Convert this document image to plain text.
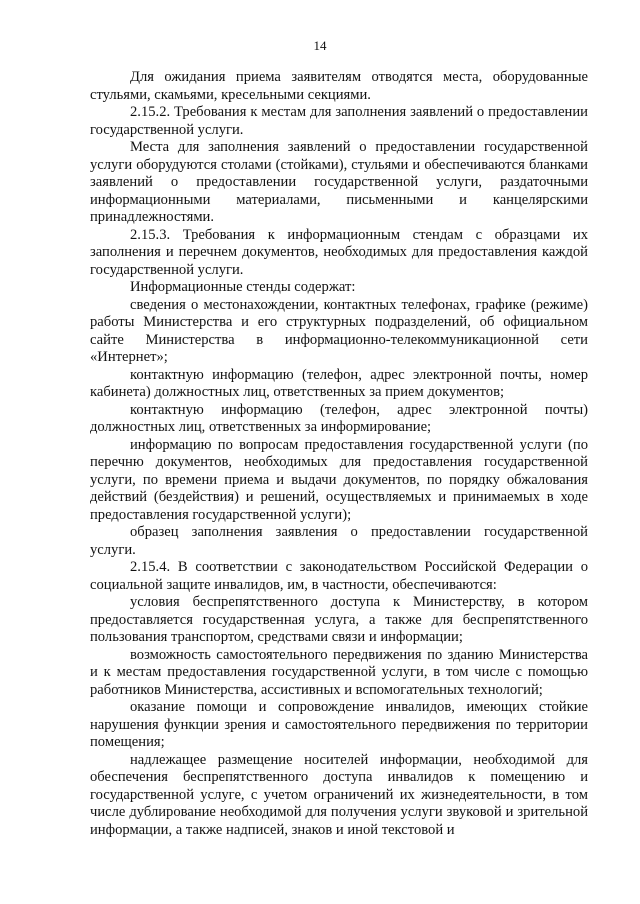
14

Для ожидания приема заявителям отводятся места, оборудованные стульями, скамьями, кресельными секциями.

2.15.2. Требования к местам для заполнения заявлений о предоставлении государственной услуги.

Места для заполнения заявлений о предоставлении государственной услуги оборудуются столами (стойками), стульями и обеспечиваются бланками заявлений о предоставлении государственной услуги, раздаточными информационными материалами, письменными и канцелярскими принадлежностями.

2.15.3. Требования к информационным стендам с образцами их заполнения и перечнем документов, необходимых для предоставления каждой государственной услуги.

Информационные стенды содержат:

сведения о местонахождении, контактных телефонах, графике (режиме) работы Министерства и его структурных подразделений, об официальном сайте Министерства в информационно-телекоммуникационной сети «Интернет»;

контактную информацию (телефон, адрес электронной почты, номер кабинета) должностных лиц, ответственных за прием документов;

контактную информацию (телефон, адрес электронной почты) должностных лиц, ответственных за информирование;

информацию по вопросам предоставления государственной услуги (по перечню документов, необходимых для предоставления государственной услуги, по времени приема и выдачи документов, по порядку обжалования действий (бездействия) и решений, осуществляемых и принимаемых в ходе предоставления государственной услуги);

образец заполнения заявления о предоставлении государственной услуги.

2.15.4. В соответствии с законодательством Российской Федерации о социальной защите инвалидов, им, в частности, обеспечиваются:

условия беспрепятственного доступа к Министерству, в котором предоставляется государственная услуга, а также для беспрепятственного пользования транспортом, средствами связи и информации;

возможность самостоятельного передвижения по зданию Министерства и к местам предоставления государственной услуги, в том числе с помощью работников Министерства, ассистивных и вспомогательных технологий;

оказание помощи и сопровождение инвалидов, имеющих стойкие нарушения функции зрения и самостоятельного передвижения по территории помещения;

надлежащее размещение носителей информации, необходимой для обеспечения беспрепятственного доступа инвалидов к помещению и государственной услуге, с учетом ограничений их жизнедеятельности, в том числе дублирование необходимой для получения услуги звуковой и зрительной информации, а также надписей, знаков и иной текстовой и
